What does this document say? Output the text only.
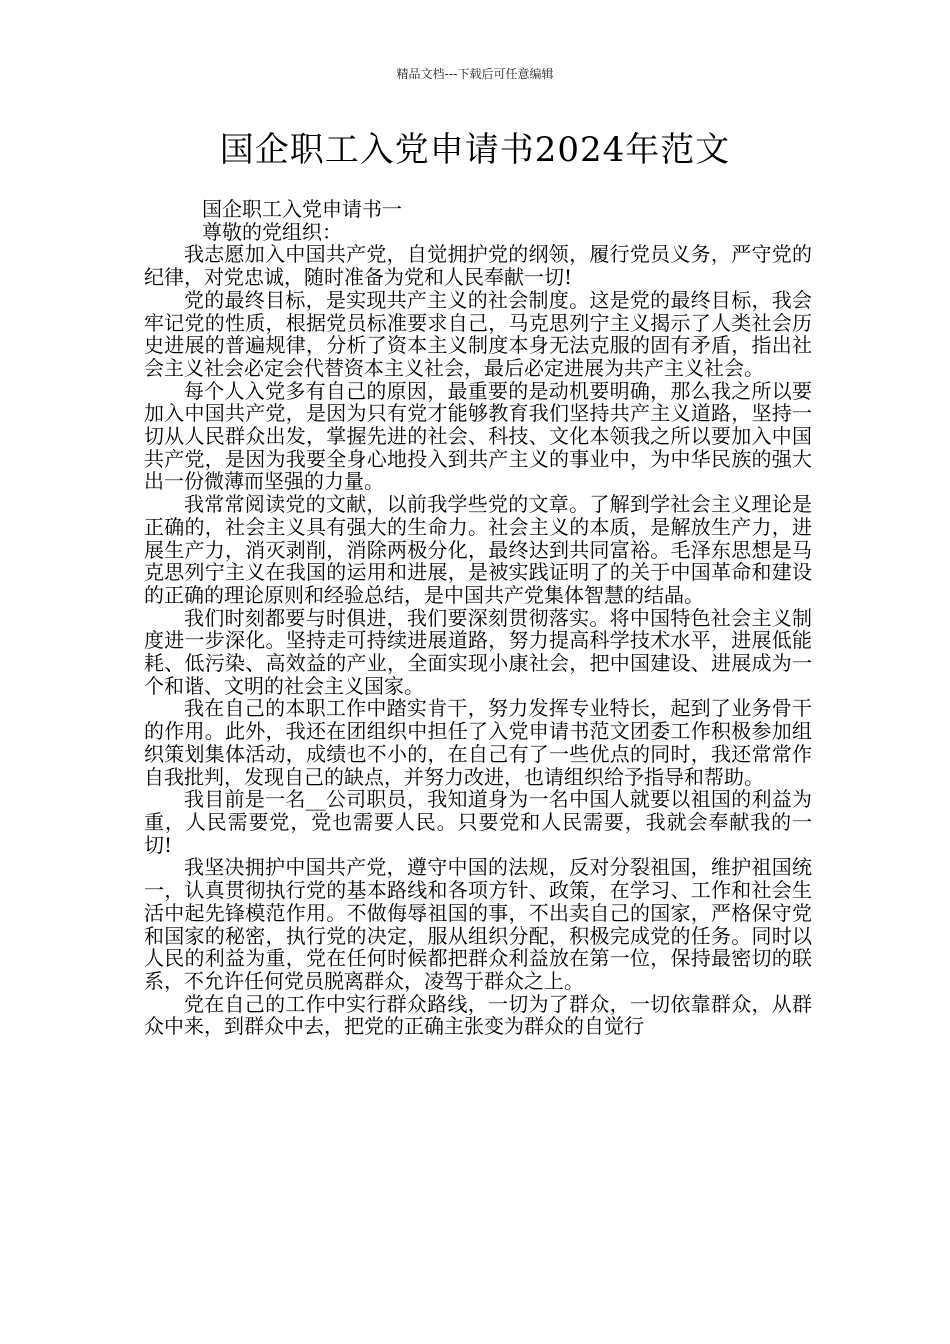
精品文档---下载后可任意编辑
国企职工入党申请书2024年范文

国企职工入党申请书一

尊敬的党组织：

我志愿加入中国共产党，自觉拥护党的纲领，履行党员义务，严守党的纪律，对党忠诚，随时准备为党和人民奉献一切!

党的最终目标，是实现共产主义的社会制度。这是党的最终目标，我会牢记党的性质，根据党员标准要求自己，马克思列宁主义揭示了人类社会历史进展的普遍规律，分析了资本主义制度本身无法克服的固有矛盾，指出社会主义社会必定会代替资本主义社会，最后必定进展为共产主义社会。

每个人入党多有自己的原因，最重要的是动机要明确，那么我之所以要加入中国共产党，是因为只有党才能够教育我们坚持共产主义道路，坚持一切从人民群众出发，掌握先进的社会、科技、文化本领我之所以要加入中国共产党，是因为我要全身心地投入到共产主义的事业中，为中华民族的强大出一份微薄而坚强的力量。

我常常阅读党的文献，以前我学些党的文章。了解到学社会主义理论是正确的，社会主义具有强大的生命力。社会主义的本质，是解放生产力，进展生产力，消灭剥削，消除两极分化，最终达到共同富裕。毛泽东思想是马克思列宁主义在我国的运用和进展，是被实践证明了的关于中国革命和建设的正确的理论原则和经验总结，是中国共产党集体智慧的结晶。

我们时刻都要与时俱进，我们要深刻贯彻落实。将中国特色社会主义制度进一步深化。坚持走可持续进展道路，努力提高科学技术水平，进展低能耗、低污染、高效益的产业，全面实现小康社会，把中国建设、进展成为一个和谐、文明的社会主义国家。

我在自己的本职工作中踏实肯干，努力发挥专业特长，起到了业务骨干的作用。此外，我还在团组织中担任了入党申请书范文团委工作积极参加组织策划集体活动，成绩也不小的，在自己有了一些优点的同时，我还常常作自我批判，发现自己的缺点，并努力改进，也请组织给予指导和帮助。

我目前是一名__公司职员，我知道身为一名中国人就要以祖国的利益为重，人民需要党，党也需要人民。只要党和人民需要，我就会奉献我的一切!

我坚决拥护中国共产党，遵守中国的法规，反对分裂祖国，维护祖国统一，认真贯彻执行党的基本路线和各项方针、政策，在学习、工作和社会生活中起先锋模范作用。不做侮辱祖国的事，不出卖自己的国家，严格保守党和国家的秘密，执行党的决定，服从组织分配，积极完成党的任务。同时以人民的利益为重，党在任何时候都把群众利益放在第一位，保持最密切的联系，不允许任何党员脱离群众，凌驾于群众之上。

党在自己的工作中实行群众路线，一切为了群众，一切依靠群众，从群众中来，到群众中去，把党的正确主张变为群众的自觉行
